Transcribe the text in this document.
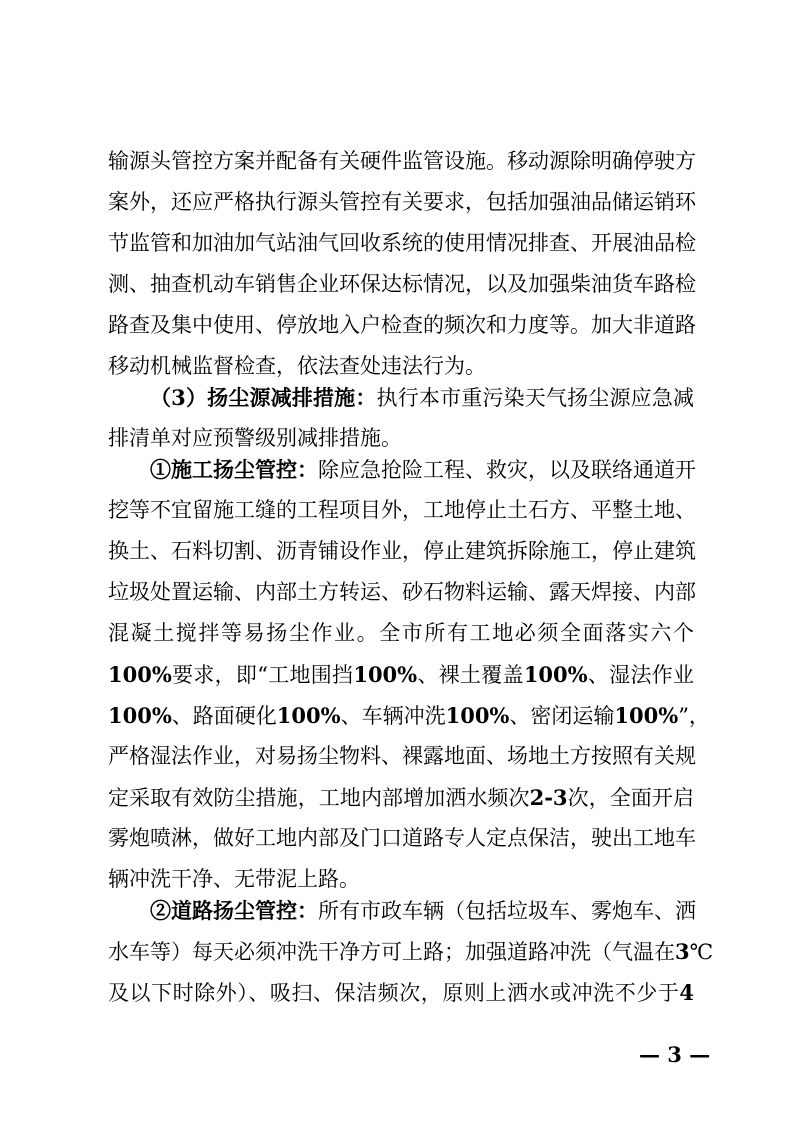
输源头管控方案并配备有关硬件监管设施。移动源除明确停驶方
案外，还应严格执行源头管控有关要求，包括加强油品储运销环
节监管和加油加气站油气回收系统的使用情况排查、开展油品检
测、抽查机动车销售企业环保达标情况，以及加强柴油货车路检
路查及集中使用、停放地入户检查的频次和力度等。加大非道路
移动机械监督检查，依法查处违法行为。
（3）扬尘源减排措施：执行本市重污染天气扬尘源应急减
排清单对应预警级别减排措施。
①施工扬尘管控：除应急抢险工程、救灾，以及联络通道开
挖等不宜留施工缝的工程项目外，工地停止土石方、平整土地、
换土、石料切割、沥青铺设作业，停止建筑拆除施工，停止建筑
垃圾处置运输、内部土方转运、砂石物料运输、露天焊接、内部
混凝土搅拌等易扬尘作业。全市所有工地必须全面落实六个
100%要求，即“工地围挡100%、裸土覆盖100%、湿法作业
100%、路面硬化100%、车辆冲洗100%、密闭运输100%”，
严格湿法作业，对易扬尘物料、裸露地面、场地土方按照有关规
定采取有效防尘措施，工地内部增加洒水频次2-3次，全面开启
雾炮喷淋，做好工地内部及门口道路专人定点保洁，驶出工地车
辆冲洗干净、无带泥上路。
②道路扬尘管控：所有市政车辆（包括垃圾车、雾炮车、洒
水车等）每天必须冲洗干净方可上路；加强道路冲洗（气温在3℃
及以下时除外）、吸扫、保洁频次，原则上洒水或冲洗不少于4
— 3 —
